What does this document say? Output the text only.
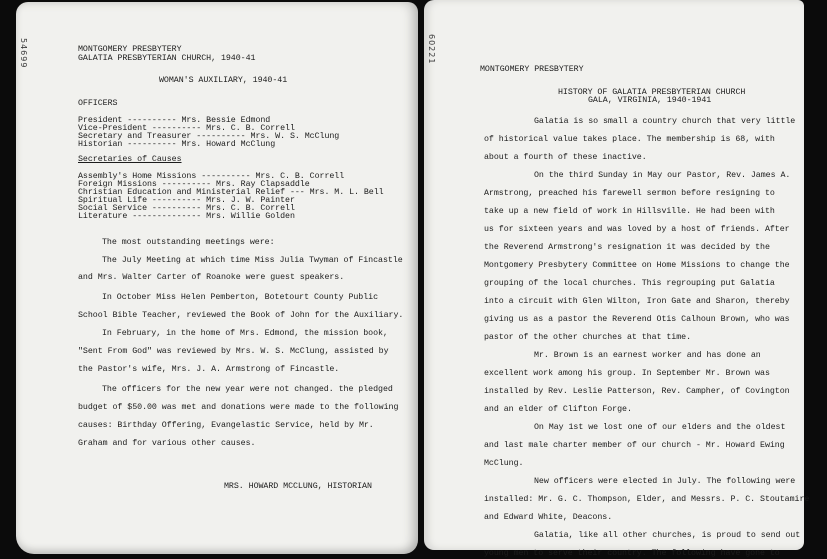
54699	MONTGOMERY PRESBYTERY
GALATIA PRESBYTERIAN CHURCH, 1940-41
WOMAN'S AUXILIARY, 1940-41
OFFICERS
President ---------- Mrs. Bessie Edmond
Vice-President ---------- Mrs. C. B. Correll
Secretary and Treasurer ---------- Mrs. W. S. McClung
Historian ---------- Mrs. Howard McClung
Secretaries of Causes
Assembly's Home Missions ---------- Mrs. C. B. Correll
Foreign Missions ---------- Mrs. Ray Clapsaddle
Christian Education and Ministerial Relief --- Mrs. M. L. Bell
Spiritual Life ---------- Mrs. J. W. Painter
Social Service ---------- Mrs. C. B. Correll
Literature -------------- Mrs. Willie Golden
The most outstanding meetings were:
The July Meeting at which time Miss Julia Twyman of Fincastle
and Mrs. Walter Carter of Roanoke were guest speakers.
In October Miss Helen Pemberton, Botetourt County Public
School Bible Teacher, reviewed the Book of John for the Auxiliary.
In February, in the home of Mrs. Edmond, the mission book,
"Sent From God" was reviewed by Mrs. W. S. McClung, assisted by
the Pastor's wife, Mrs. J. A. Armstrong of Fincastle.
The officers for the new year were not changed. the pledged
budget of $50.00 was met and donations were made to the following
causes: Birthday Offering, Evangelastic Service, held by Mr.
Graham and for various other causes.
MRS. HOWARD MCCLUNG, HISTORIAN
60221
MONTGOMERY PRESBYTERY
HISTORY OF GALATIA PRESBYTERIAN CHURCH
GALA, VIRGINIA, 1940-1941
Galatia is so small a country church that very little
of historical value takes place. The membership is 68, with
about a fourth of these inactive.
On the third Sunday in May our Pastor, Rev. James A.
Armstrong, preached his farewell sermon before resigning to
take up a new field of work in Hillsville. He had been with
us for sixteen years and was loved by a host of friends. After
the Reverend Armstrong's resignation it was decided by the
Montgomery Presbytery Committee on Home Missions to change the
grouping of the local churches. This regrouping put Galatia
into a circuit with Glen Wilton, Iron Gate and Sharon, thereby
giving us as a pastor the Reverend Otis Calhoun Brown, who was
pastor of the other churches at that time.
Mr. Brown is an earnest worker and has done an
excellent work among his group. In September Mr. Brown was
installed by Rev. Leslie Patterson, Rev. Campher, of Covington
and an elder of Clifton Forge.
On May 1st we lost one of our elders and the oldest
and last male charter member of our church - Mr. Howard Ewing
McClung.
New officers were elected in July. The following were
installed: Mr. G. C. Thompson, Elder, and Messrs. P. C. Stoutamire
and Edward White, Deacons.
Galatia, like all other churches, is proud to send out
young men to serve their country. The following have gone to
